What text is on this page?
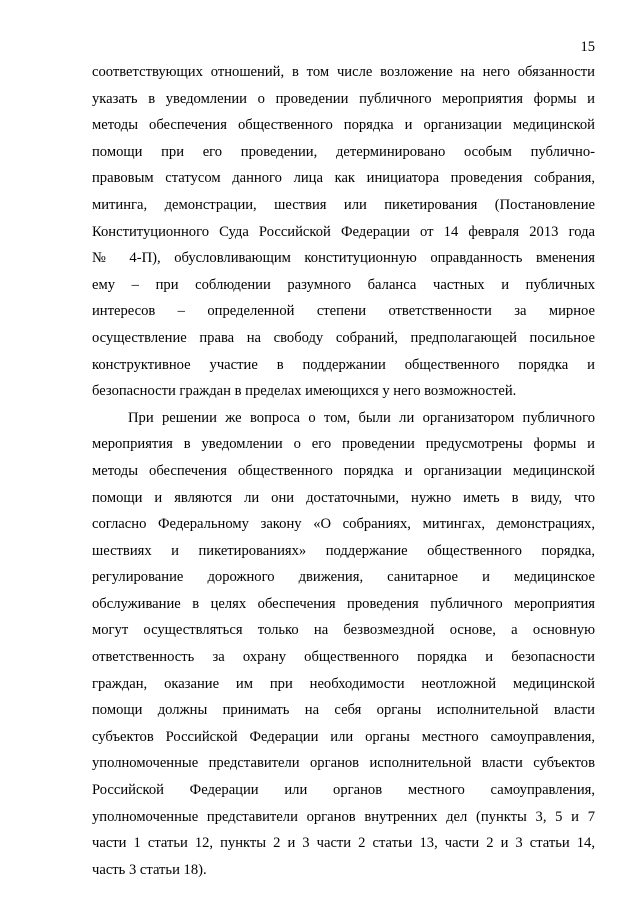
15
соответствующих отношений, в том числе возложение на него обязанности
указать в уведомлении о проведении публичного мероприятия формы и
методы обеспечения общественного порядка и организации медицинской
помощи при его проведении, детерминировано особым публично-
правовым статусом данного лица как инициатора проведения собрания,
митинга, демонстрации, шествия или пикетирования (Постановление
Конституционного Суда Российской Федерации от 14 февраля 2013 года
№ 4-П), обусловливающим конституционную оправданность вменения
ему – при соблюдении разумного баланса частных и публичных
интересов – определенной степени ответственности за мирное
осуществление права на свободу собраний, предполагающей посильное
конструктивное участие в поддержании общественного порядка и
безопасности граждан в пределах имеющихся у него возможностей.
При решении же вопроса о том, были ли организатором публичного
мероприятия в уведомлении о его проведении предусмотрены формы и
методы обеспечения общественного порядка и организации медицинской
помощи и являются ли они достаточными, нужно иметь в виду, что
согласно Федеральному закону «О собраниях, митингах, демонстрациях,
шествиях и пикетированиях» поддержание общественного порядка,
регулирование дорожного движения, санитарное и медицинское
обслуживание в целях обеспечения проведения публичного мероприятия
могут осуществляться только на безвозмездной основе, а основную
ответственность за охрану общественного порядка и безопасности
граждан, оказание им при необходимости неотложной медицинской
помощи должны принимать на себя органы исполнительной власти
субъектов Российской Федерации или органы местного самоуправления,
уполномоченные представители органов исполнительной власти субъектов
Российской Федерации или органов местного самоуправления,
уполномоченные представители органов внутренних дел (пункты 3, 5 и 7
части 1 статьи 12, пункты 2 и 3 части 2 статьи 13, части 2 и 3 статьи 14,
часть 3 статьи 18).
